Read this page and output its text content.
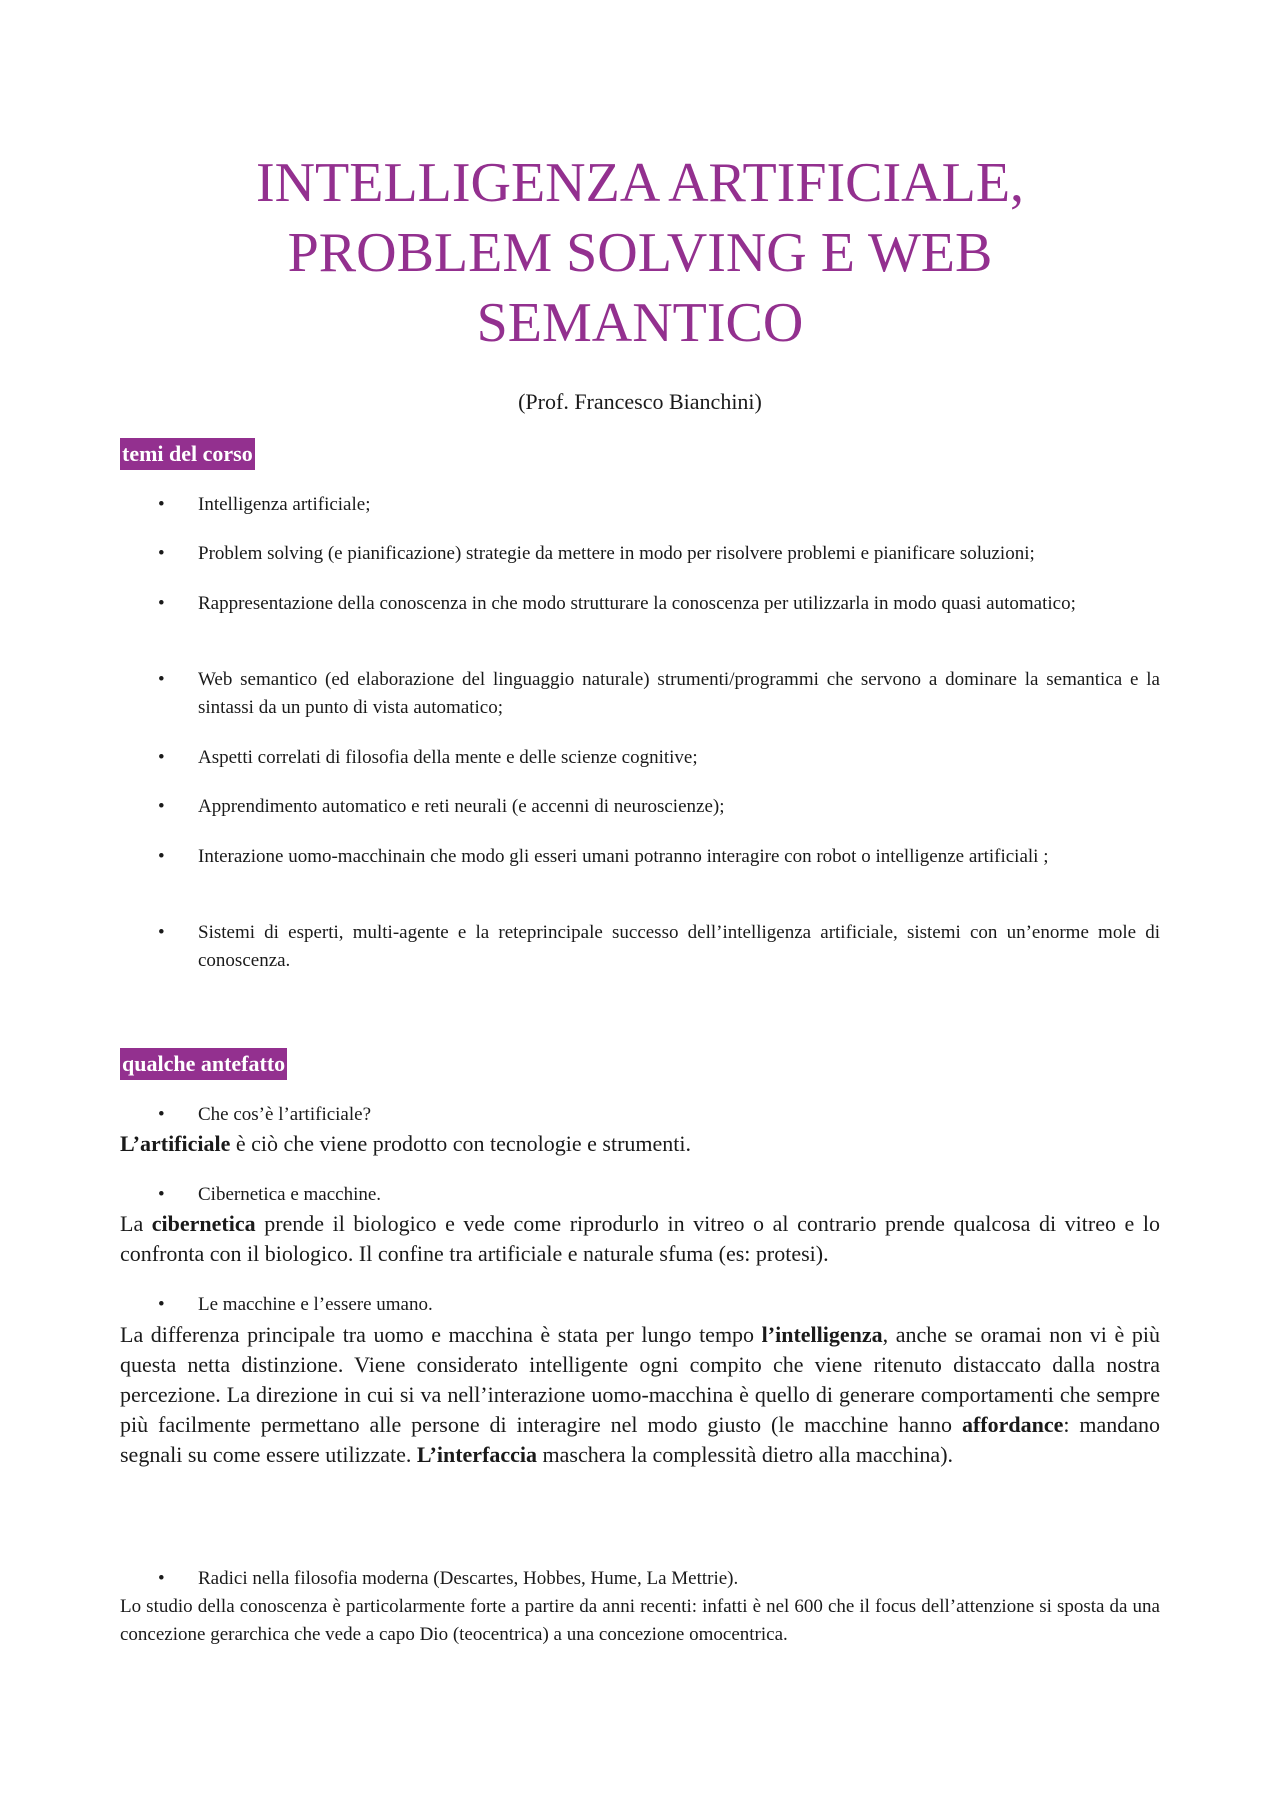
INTELLIGENZA ARTIFICIALE,
PROBLEM SOLVING E WEB
SEMANTICO
(Prof. Francesco Bianchini)
temi del corso
• Intelligenza artificiale;
• Problem solving (e pianificazione) strategie da mettere in modo per risolvere problemi e pianificare soluzioni;
• Rappresentazione della conoscenza in che modo strutturare la conoscenza per utilizzarla in modo quasi automatico;
• Web semantico (ed elaborazione del linguaggio naturale) strumenti/programmi che servono a dominare la semantica e la sintassi da un punto di vista automatico;
• Aspetti correlati di filosofia della mente e delle scienze cognitive;
• Apprendimento automatico e reti neurali (e accenni di neuroscienze);
• Interazione uomo-macchinain che modo gli esseri umani potranno interagire con robot o intelligenze artificiali ;
• Sistemi di esperti, multi-agente e la reteprincipale successo dell’intelligenza artificiale, sistemi con un’enorme mole di conoscenza.
qualche antefatto
•	Che cos’è l’artificiale?

L’artificiale è ciò che viene prodotto con tecnologie e strumenti.

•	Cibernetica e macchine.

La cibernetica prende il biologico e vede come riprodurlo in vitreo o al contrario prende qualcosa di vitreo e lo confronta con il biologico. Il confine tra artificiale e naturale sfuma (es: protesi).

•	Le macchine e l’essere umano.

La differenza principale tra uomo e macchina è stata per lungo tempo l’intelligenza, anche se oramai non vi è più questa netta distinzione. Viene considerato intelligente ogni compito che viene ritenuto distaccato dalla nostra percezione. La direzione in cui si va nell’interazione uomo-macchina è quello di generare comportamenti che sempre più facilmente permettano alle persone di interagire nel modo giusto (le macchine hanno affordance: mandano segnali su come essere utilizzate. L’interfaccia maschera la complessità dietro alla macchina).

•	Radici nella filosofia moderna (Descartes, Hobbes, Hume, La Mettrie).

Lo studio della conoscenza è particolarmente forte a partire da anni recenti: infatti è nel 600 che il focus dell’attenzione si sposta da una concezione gerarchica che vede a capo Dio (teocentrica) a una concezione omocentrica.
